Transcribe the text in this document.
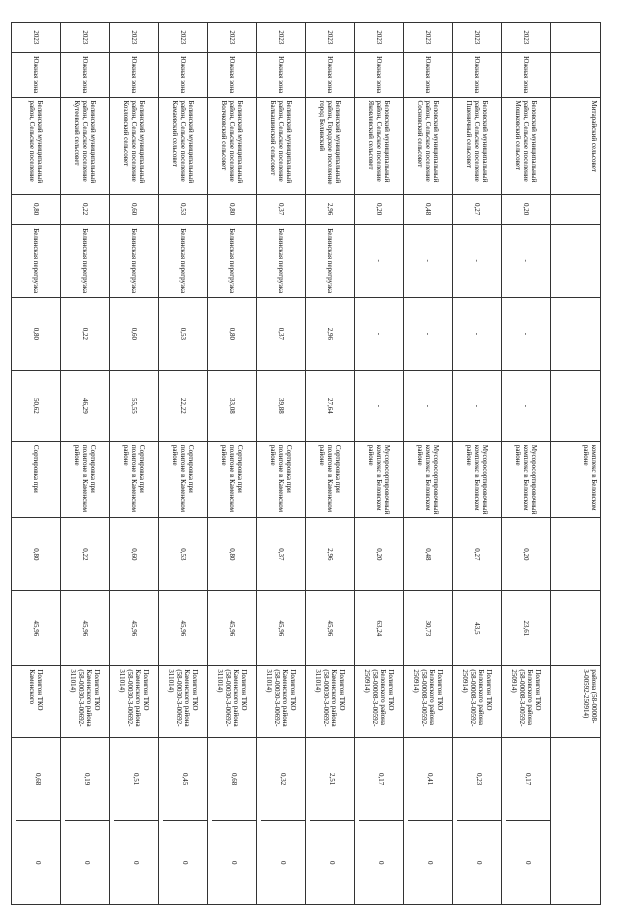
		Митарайский сельсовет					комплекс в Беловском районе			района (58-00008-З-00592-250914)	
2023	Южная зона	Беловский муниципальный район, Сельское поселение Мошковский сельсовет	0,20	-	-	-	Мусоросортировочный комплекс в Беловском районе	0,20	23,61	Полигон ТКО Беловского района (58-00008-З-00592-250914)	0,17
0

2023	Южная зона	Беловский муниципальный район, Сельское поселение Пшеничный сельсовет	0,27	-	-	-	Мусоросортировочный комплекс в Беловском районе	0,27	43,5	Полигон ТКО Беловского района (58-00008-З-00592-250914)	0,23
0

2023	Южная зона	Беловский муниципальный район, Сельское поселение Сосновский сельсовет	0,48	-	-	-	Мусоросортировочный комплекс в Беловском районе	0,48	30,73	Полигон ТКО Беловского района (58-00008-З-00592-250914)	0,41
0

2023	Южная зона	Беловский муниципальный район, Сельское поселение Яковлевский сельсовет	0,20	-	-	-	Мусоросортировочный комплекс в Беловском районе	0,20	63,24	Полигон ТКО Беловского района (58-00008-З-00592-250914)	0,17
0

2023	Южная зона	Белинский муниципальный район, Городское поселение город Белинский	2,96	Белинская перегрузка	2,96	27,64	Сортировка при полигоне в Каменском районе	2,96	45,96	Полигон ТКО Каменского района (58-00030-З-00692-311014)	2,51
0

2023	Южная зона	Белинский муниципальный район, Сельское поселение Балкашинский сельсовет	0,37	Белинская перегрузка	0,37	39,88	Сортировка при полигоне в Каменском районе	0,37	45,96	Полигон ТКО Каменского района (58-00030-З-00692-311014)	0,32
0

2023	Южная зона	Белинский муниципальный район, Сельское поселение Волчковский сельсовет	0,80	Белинская перегрузка	0,80	33,08	Сортировка при полигоне в Каменском районе	0,80	45,96	Полигон ТКО Каменского района (58-00030-З-00692-311014)	0,68
0

2023	Южная зона	Белинский муниципальный район, Сельское поселение Камаевский сельсовет	0,53	Белинская перегрузка	0,53	22,22	Сортировка при полигоне в Каменском районе	0,53	45,96	Полигон ТКО Каменского района (58-00030-З-00692-311014)	0,45
0

2023	Южная зона	Белинский муниципальный район, Сельское поселение Козловский сельсовет	0,60	Белинская перегрузка	0,60	55,55	Сортировка при полигоне в Каменском районе	0,60	45,96	Полигон ТКО Каменского района (58-00030-З-00692-311014)	0,51
0

2023	Южная зона	Белинский муниципальный район, Сельское поселение Кутеевский сельсовет	0,22	Белинская перегрузка	0,22	46,29	Сортировка при полигоне в Каменском районе	0,22	45,96	Полигон ТКО Каменского района (58-00030-З-00692-311014)	0,19
0

2023	Южная зона	Белинский муниципальный район, Сельское поселение	0,80	Белинская перегрузка	0,80	50,62	Сортировка при	0,80	45,96	Полигон ТКО Каменского	0,68
0
